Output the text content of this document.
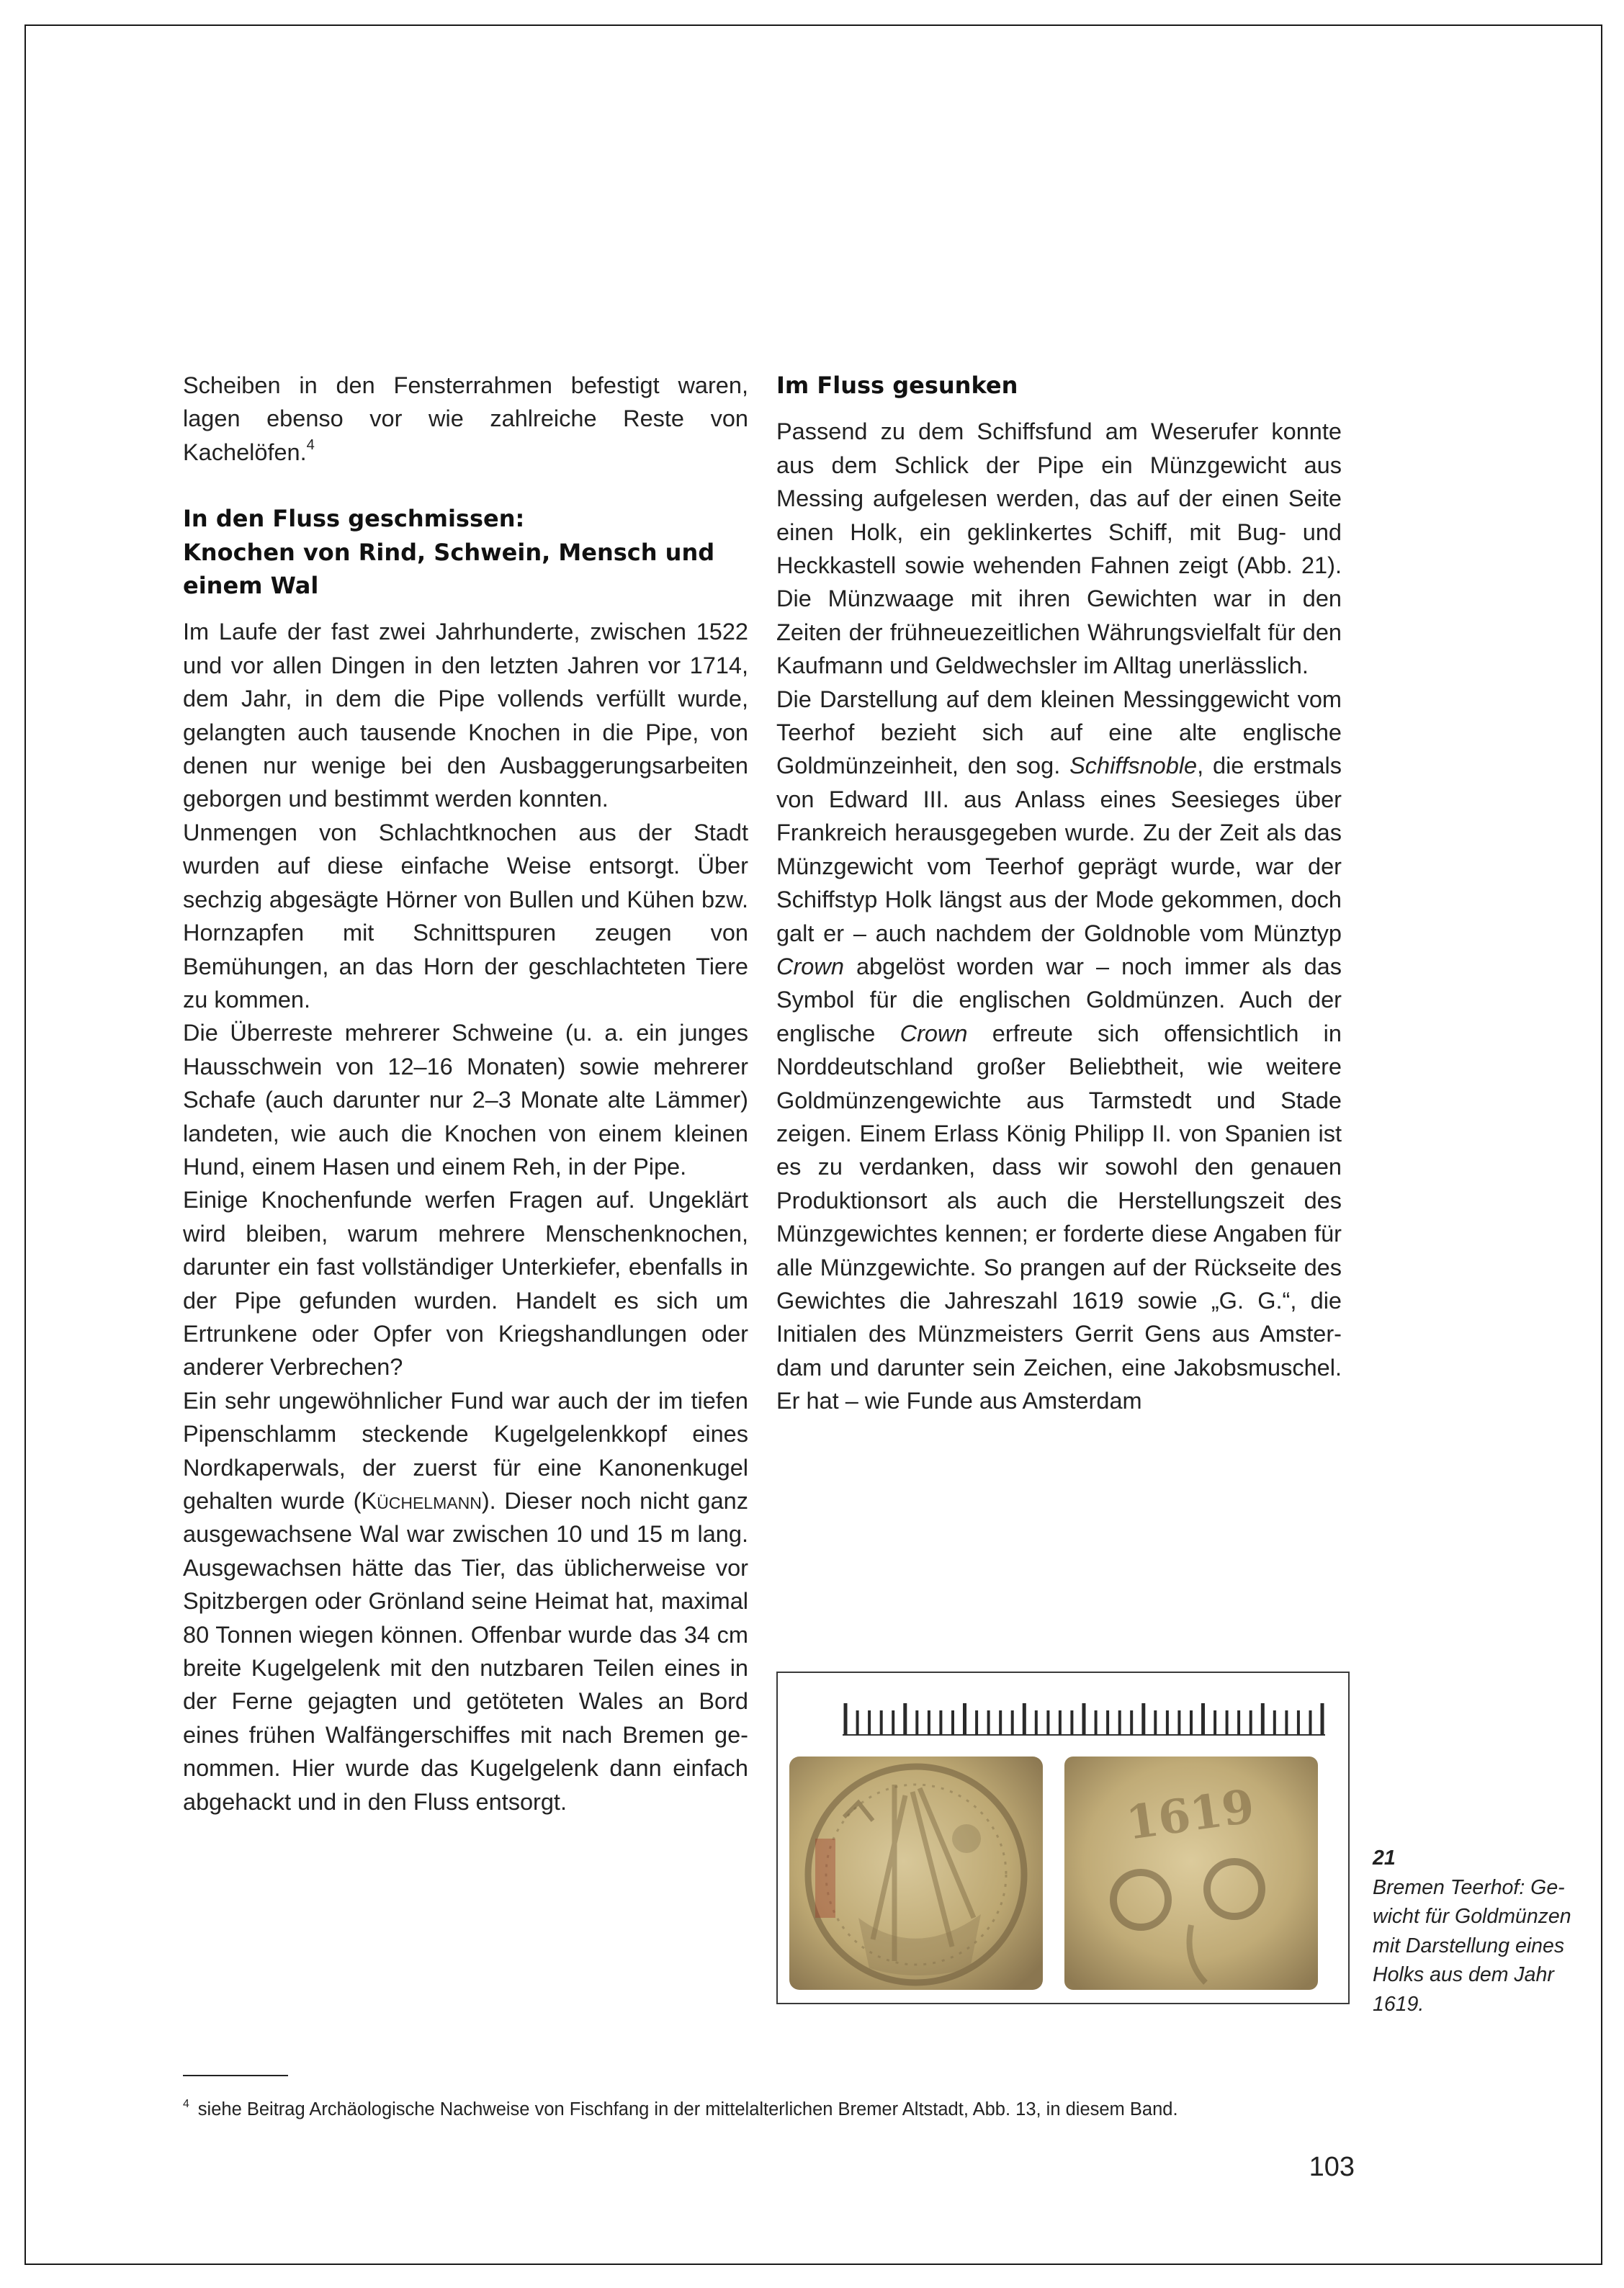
Scheiben in den Fensterrahmen befestigt waren, lagen ebenso vor wie zahlreiche Reste von Kachelöfen.$^4$

In den Fluss geschmissen:
Knochen von Rind, Schwein, Mensch und
einem Wal

Im Laufe der fast zwei Jahrhunderte, zwischen 1522 und vor allen Dingen in den letzten Jahren vor 1714, dem Jahr, in dem die Pipe vollends verfüllt wurde, gelangten auch tausende Knochen in die Pipe, von denen nur wenige bei den Ausbaggerungsarbeiten geborgen und bestimmt werden konnten.

Unmengen von Schlachtknochen aus der Stadt wurden auf diese einfache Weise entsorgt. Über sechzig abgesägte Hörner von Bullen und Kühen bzw. Hornzapfen mit Schnittspuren zeugen von Bemühungen, an das Horn der geschlachteten Tiere zu kommen.

Die Überreste mehrerer Schweine (u. a. ein junges Hausschwein von 12–16 Monaten) sowie mehrerer Schafe (auch darunter nur 2–3 Monate alte Lämmer) landeten, wie auch die Knochen von einem kleinen Hund, einem Hasen und einem Reh, in der Pipe.

Einige Knochenfunde werfen Fragen auf. Ungeklärt wird bleiben, warum mehrere Menschenknochen, darunter ein fast vollständiger Unterkiefer, ebenfalls in der Pipe gefunden wurden. Handelt es sich um Ertrunkene oder Opfer von Kriegshandlungen oder anderer Verbrechen?

Ein sehr ungewöhnlicher Fund war auch der im tiefen Pipenschlamm steckende Kugelgelenkkopf eines Nordkaperwals, der zuerst für eine Kanonenkugel gehalten wurde (Küchelmann). Dieser noch nicht ganz ausgewachsene Wal war zwischen 10 und 15 m lang. Ausgewachsen hätte das Tier, das üblicherweise vor Spitzbergen oder Grönland seine Heimat hat, maximal 80 Tonnen wiegen können. Offenbar wurde das 34 cm breite Kugelgelenk mit den nutzbaren Teilen eines in der Ferne gejagten und getöteten Wales an Bord eines frühen Walfängerschiffes mit nach Bremen genommen. Hier wurde das Kugelgelenk dann einfach abgehackt und in den Fluss entsorgt.

Im Fluss gesunken

Passend zu dem Schiffsfund am Weserufer konnte aus dem Schlick der Pipe ein Münzgewicht aus Messing aufgelesen werden, das auf der einen Seite einen Holk, ein geklinkertes Schiff, mit Bug- und Heckkastell sowie wehenden Fahnen zeigt (Abb. 21). Die Münzwaage mit ihren Gewichten war in den Zeiten der frühneuezeitlichen Währungsvielfalt für den Kaufmann und Geldwechsler im Alltag unerlässlich.

Die Darstellung auf dem kleinen Messinggewicht vom Teerhof bezieht sich auf eine alte englische Goldmünzeinheit, den sog. Schiffsnoble, die erstmals von Edward III. aus Anlass eines Seesieges über Frankreich herausgegeben wurde. Zu der Zeit als das Münzgewicht vom Teerhof geprägt wurde, war der Schiffstyp Holk längst aus der Mode gekommen, doch galt er – auch nachdem der Goldnoble vom Münztyp Crown abgelöst worden war – noch immer als das Symbol für die englischen Goldmünzen. Auch der englische Crown erfreute sich offensichtlich in Norddeutschland großer Beliebtheit, wie weitere Goldmünzengewichte aus Tarmstedt und Stade zeigen. Einem Erlass König Philipp II. von Spanien ist es zu verdanken, dass wir sowohl den genauen Produktionsort als auch die Herstellungszeit des Münzgewichtes kennen; er forderte diese Angaben für alle Münzgewichte. So prangen auf der Rückseite des Gewichtes die Jahreszahl 1619 sowie „G. G.“, die Initialen des Münzmeisters Gerrit Gens aus Amsterdam und darunter sein Zeichen, eine Jakobsmuschel. Er hat – wie Funde aus Amsterdam

1619
21
Bremen Teerhof: Gewicht für Goldmünzen mit Darstellung eines Holks aus dem Jahr 1619.
$^4$ siehe Beitrag Archäologische Nachweise von Fischfang in der mittelalterlichen Bremer Altstadt, Abb. 13, in diesem Band.
103
